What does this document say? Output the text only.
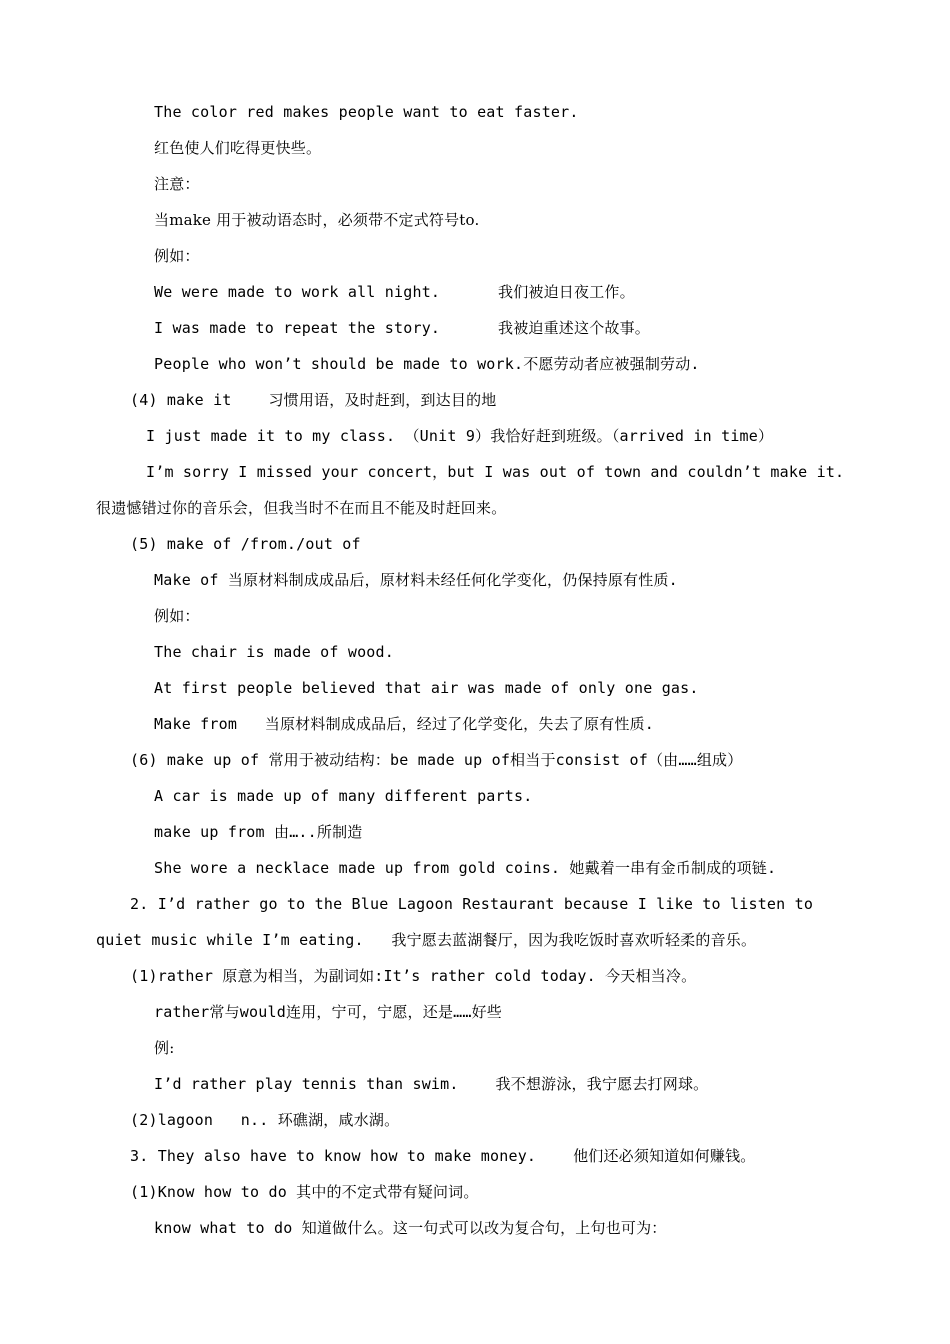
The color red makes people want to eat faster.
红色使人们吃得更快些。
注意：
当make 用于被动语态时，必须带不定式符号to.
例如：
We were made to work all night.	我们被迫日夜工作。
I was made to repeat the story.	我被迫重述这个故事。
People who won’t should be made to work.不愿劳动者应被强制劳动.
(4) make it    习惯用语，及时赶到，到达目的地
I just made it to my class. （Unit 9）我恰好赶到班级。（arrived in time）
I’m sorry I missed your concert，but I was out of town and couldn’t make it.
很遗憾错过你的音乐会，但我当时不在而且不能及时赶回来。
(5) make of /from./out of
Make of 当原材料制成成品后，原材料未经任何化学变化，仍保持原有性质.
例如：
The chair is made of wood.
At first people believed that air was made of only one gas.
Make from   当原材料制成成品后，经过了化学变化，失去了原有性质.
(6) make up of 常用于被动结构：be made up of相当于consist of（由……组成）
A car is made up of many different parts.
make up from 由…..所制造
She wore a necklace made up from gold coins. 她戴着一串有金币制成的项链.
2. I’d rather go to the Blue Lagoon Restaurant because I like to listen to
quiet music while I’m eating.   我宁愿去蓝湖餐厅，因为我吃饭时喜欢听轻柔的音乐。
(1)rather 原意为相当，为副词如:It’s rather cold today. 今天相当冷。
rather常与would连用，宁可，宁愿，还是……好些
例:
I’d rather play tennis than swim.    我不想游泳，我宁愿去打网球。
(2)lagoon   n.. 环礁湖，咸水湖。
3. They also have to know how to make money.    他们还必须知道如何赚钱。
(1)Know how to do 其中的不定式带有疑问词。
know what to do 知道做什么。这一句式可以改为复合句，上句也可为：
